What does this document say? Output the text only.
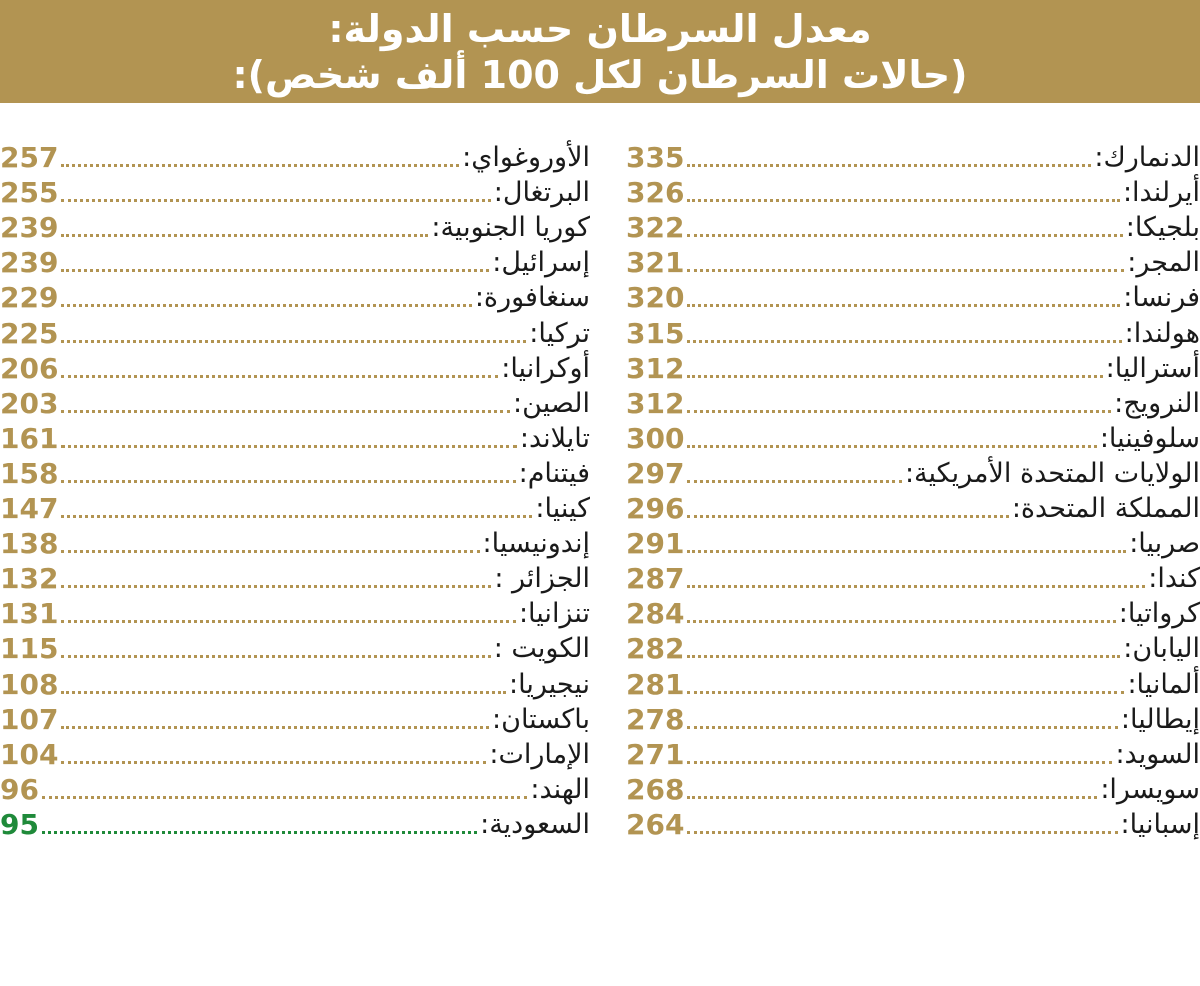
معدل السرطان حسب الدولة:
(حالات السرطان لكل 100 ألف شخص):
الدنمارك:
335
أيرلندا:
326
بلجيكا:
322
المجر:
321
فرنسا:
320
هولندا:
315
أستراليا:
312
النرويج:
312
سلوفينيا:
300
الولايات المتحدة الأمريكية:
297
المملكة المتحدة:
296
صربيا:
291
كندا:
287
كرواتيا:
284
اليابان:
282
ألمانيا:
281
إيطاليا:
278
السويد:
271
سويسرا:
268
إسبانيا:
264
الأوروغواي:
257
البرتغال:
255
كوريا الجنوبية:
239
إسرائيل:
239
سنغافورة:
229
تركيا:
225
أوكرانيا:
206
الصين:
203
تايلاند:
161
فيتنام:
158
كينيا:
147
إندونيسيا:
138
الجزائر :
132
تنزانيا:
131
الكويت :
115
نيجيريا:
108
باكستان:
107
الإمارات:
104
الهند:
96
السعودية:
95
